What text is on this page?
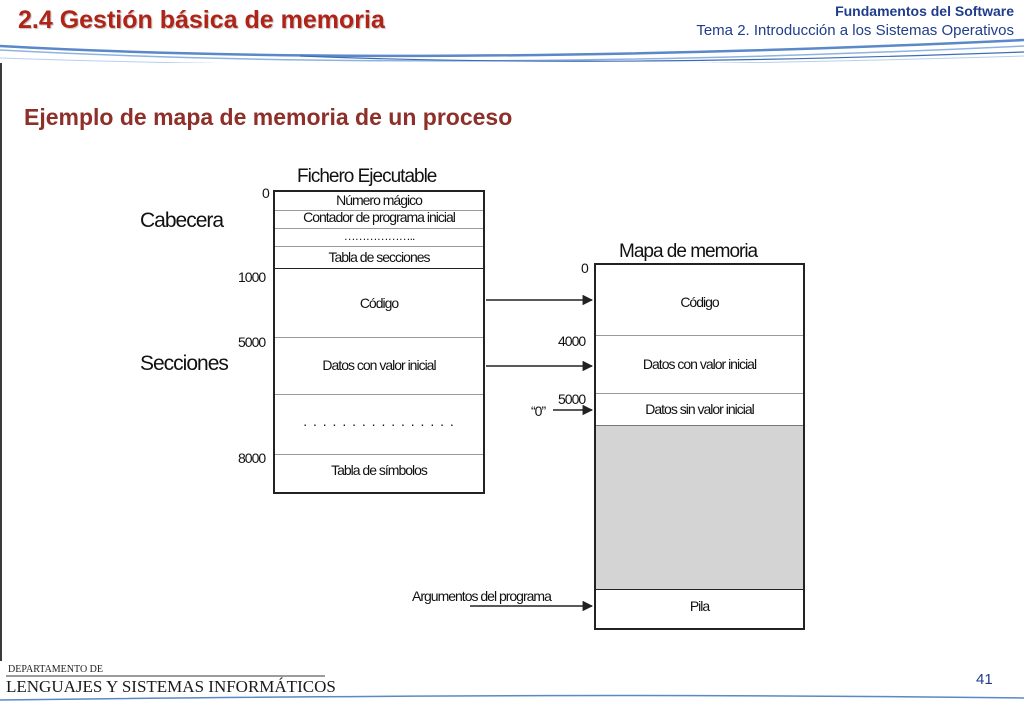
2.4 Gestión básica de memoria	Fundamentos del Software
Tema 2. Introducción a los Sistemas Operativos
Ejemplo de mapa de memoria de un proceso
Fichero Ejecutable
Cabecera
Secciones
Número mágico
Contador de programa inicial
………………..
Tabla de secciones
Código
Datos con valor inicial
. . . . . . . . . . . . . . . .
Tabla de símbolos
0
1000
5000
8000
Mapa de memoria
Código
Datos con valor inicial
Datos sin valor inicial
Pila
0
4000
5000
“0”
Argumentos del programa
DEPARTAMENTO DE
LENGUAJES Y SISTEMAS INFORMÁTICOS	41
